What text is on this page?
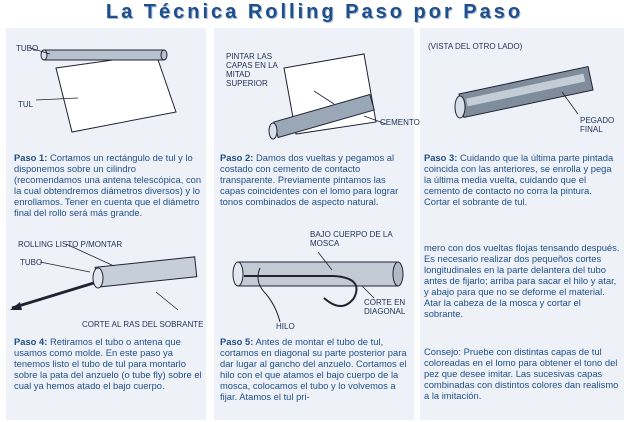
La Técnica Rolling Paso por Paso
TUBO
TUL
Paso 1: Cortamos un rectángulo de tul y lo disponemos sobre un cilindro (recomendamos una antena telescópica, con la cual obtendremos diámetros diversos) y lo enrollamos. Tener en cuenta que el diámetro final del rollo será más grande.
PINTAR LAS CAPAS EN LA MITAD SUPERIOR
CEMENTO
Paso 2: Damos dos vueltas y pegamos al costado con cemento de contacto transparente. Previamente pintamos las capas coincidentes con el lomo para lograr tonos combinados de aspecto natural.
(VISTA DEL OTRO LADO)
PEGADO FINAL
Paso 3: Cuidando que la última parte pintada coincida con las anteriores, se enrolla y pega la última media vuelta, cuidando que el cemento de contacto no corra la pintura. Cortar el sobrante de tul.
ROLLING LISTO P/MONTAR
TUBO
CORTE AL RAS DEL SOBRANTE
Paso 4: Retiramos el tubo o antena que usamos como molde. En este paso ya tenemos listo el tubo de tul para montarlo sobre la pata del anzuelo (o tube fly) sobre el cual ya hemos atado el bajo cuerpo.
BAJO CUERPO DE LA MOSCA
HILO
CORTE EN DIAGONAL
Paso 5: Antes de montar el tubo de tul, cortamos en diagonal su parte posterior para dar lugar al gancho del anzuelo. Cortamos el hilo con el que atamos el bajo cuerpo de la mosca, colocamos el tubo y lo volvemos a fijar. Atamos el tul pri-
mero con dos vueltas flojas tensando después. Es necesario realizar dos pequeños cortes longitudinales en la parte delantera del tubo antes de fijarlo; arriba para sacar el hilo y atar, y abajo para que no se deforme el material. Atar la cabeza de la mosca y cortar el sobrante.
Consejo: Pruebe con distintas capas de tul coloreadas en el lomo para obtener el tono del pez que desee imitar. Las sucesivas capas combinadas con distintos colores dan realismo a la imitación.
